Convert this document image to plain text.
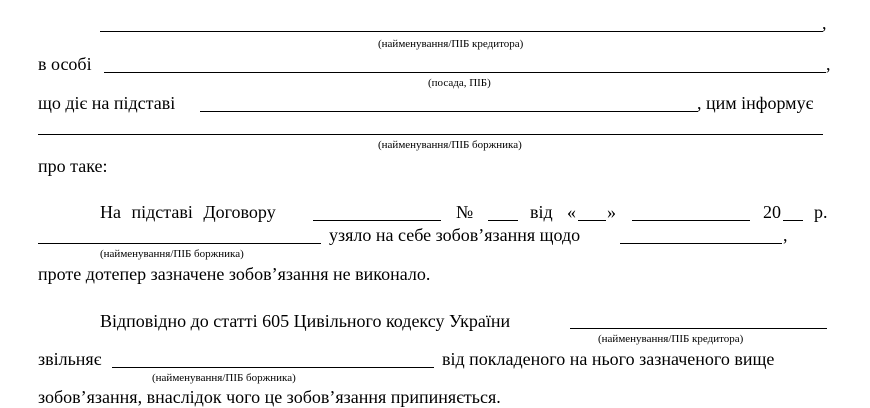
,
(найменування/ПІБ кредитора)
в особі	,
(посада, ПІБ)
що діє на підставі	, цим інформує
(найменування/ПІБ боржника)
про таке:
На підставі Договору	№	від « »	20 р.
узяло на себе зобов’язання щодо	,
(найменування/ПІБ боржника)
проте дотепер зазначене зобов’язання не виконало.
Відповідно до статті 605 Цивільного кодексу України
(найменування/ПІБ кредитора)
звільняє	від покладеного на нього зазначеного вище
(найменування/ПІБ боржника)
зобов’язання, внаслідок чого це зобов’язання припиняється.
